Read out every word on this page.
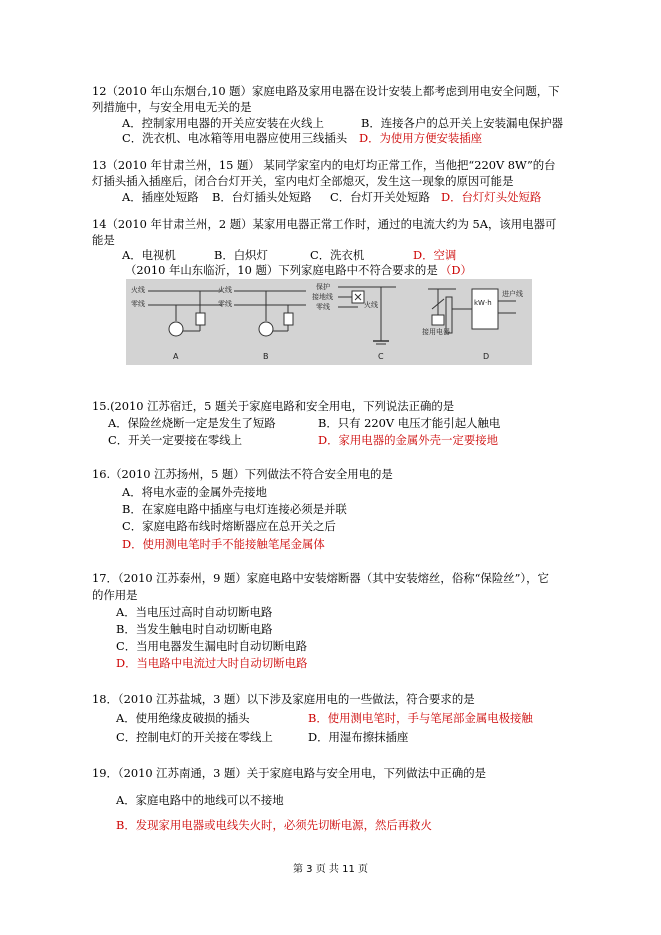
12（2010 年山东烟台,10 题）家庭电路及家用电器在设计安装上都考虑到用电安全问题，下
列措施中，与安全用电无关的是
A．控制家用电器的开关应安装在火线上	B．连接各户的总开关上安装漏电保护器
C．洗衣机、电冰箱等用电器应使用三线插头 D．为使用方便安装插座
13（2010 年甘肃兰州，15 题） 某同学家室内的电灯均正常工作，当他把“220V 8W”的台
灯插头插入插座后，闭合台灯开关，室内电灯全部熄灭，发生这一现象的原因可能是
A．插座处短路 B．台灯插头处短路 C．台灯开关处短路 D．台灯灯头处短路
14（2010 年甘肃兰州，2 题）某家用电器正常工作时，通过的电流大约为 5A，该用电器可
能是
A．电视机	B．白炽灯	C．洗衣机	D．空调
（2010 年山东临沂，10 题）下列家庭电路中不符合要求的是 （D）
火线
零线
A
火线
零线
B
保护
接地线
零线	火线
C
接用电器
kW·h
进户线
D
15.(2010 江苏宿迁，5 题关于家庭电路和安全用电，下列说法正确的是
A．保险丝烧断一定是发生了短路	B．只有 220V 电压才能引起人触电
C．开关一定要接在零线上	D．家用电器的金属外壳一定要接地
16.（2010 江苏扬州，5 题）下列做法不符合安全用电的是
A．将电水壶的金属外壳接地
B．在家庭电路中插座与电灯连接必须是并联
C．家庭电路布线时熔断器应在总开关之后
D．使用测电笔时手不能接触笔尾金属体
17．（2010 江苏泰州，9 题）家庭电路中安装熔断器（其中安装熔丝，俗称“保险丝”），它
的作用是
A．当电压过高时自动切断电路
B．当发生触电时自动切断电路
C．当用电器发生漏电时自动切断电路
D．当电路中电流过大时自动切断电路
18．（2010 江苏盐城，3 题）以下涉及家庭用电的一些做法，符合要求的是
A．使用绝缘皮破损的插头	B．使用测电笔时，手与笔尾部金属电极接触
C．控制电灯的开关接在零线上	D．用湿布擦抹插座
19．（2010 江苏南通，3 题）关于家庭电路与安全用电，下列做法中正确的是
A．家庭电路中的地线可以不接地
B．发现家用电器或电线失火时，必须先切断电源，然后再救火
第 3 页 共 11 页
